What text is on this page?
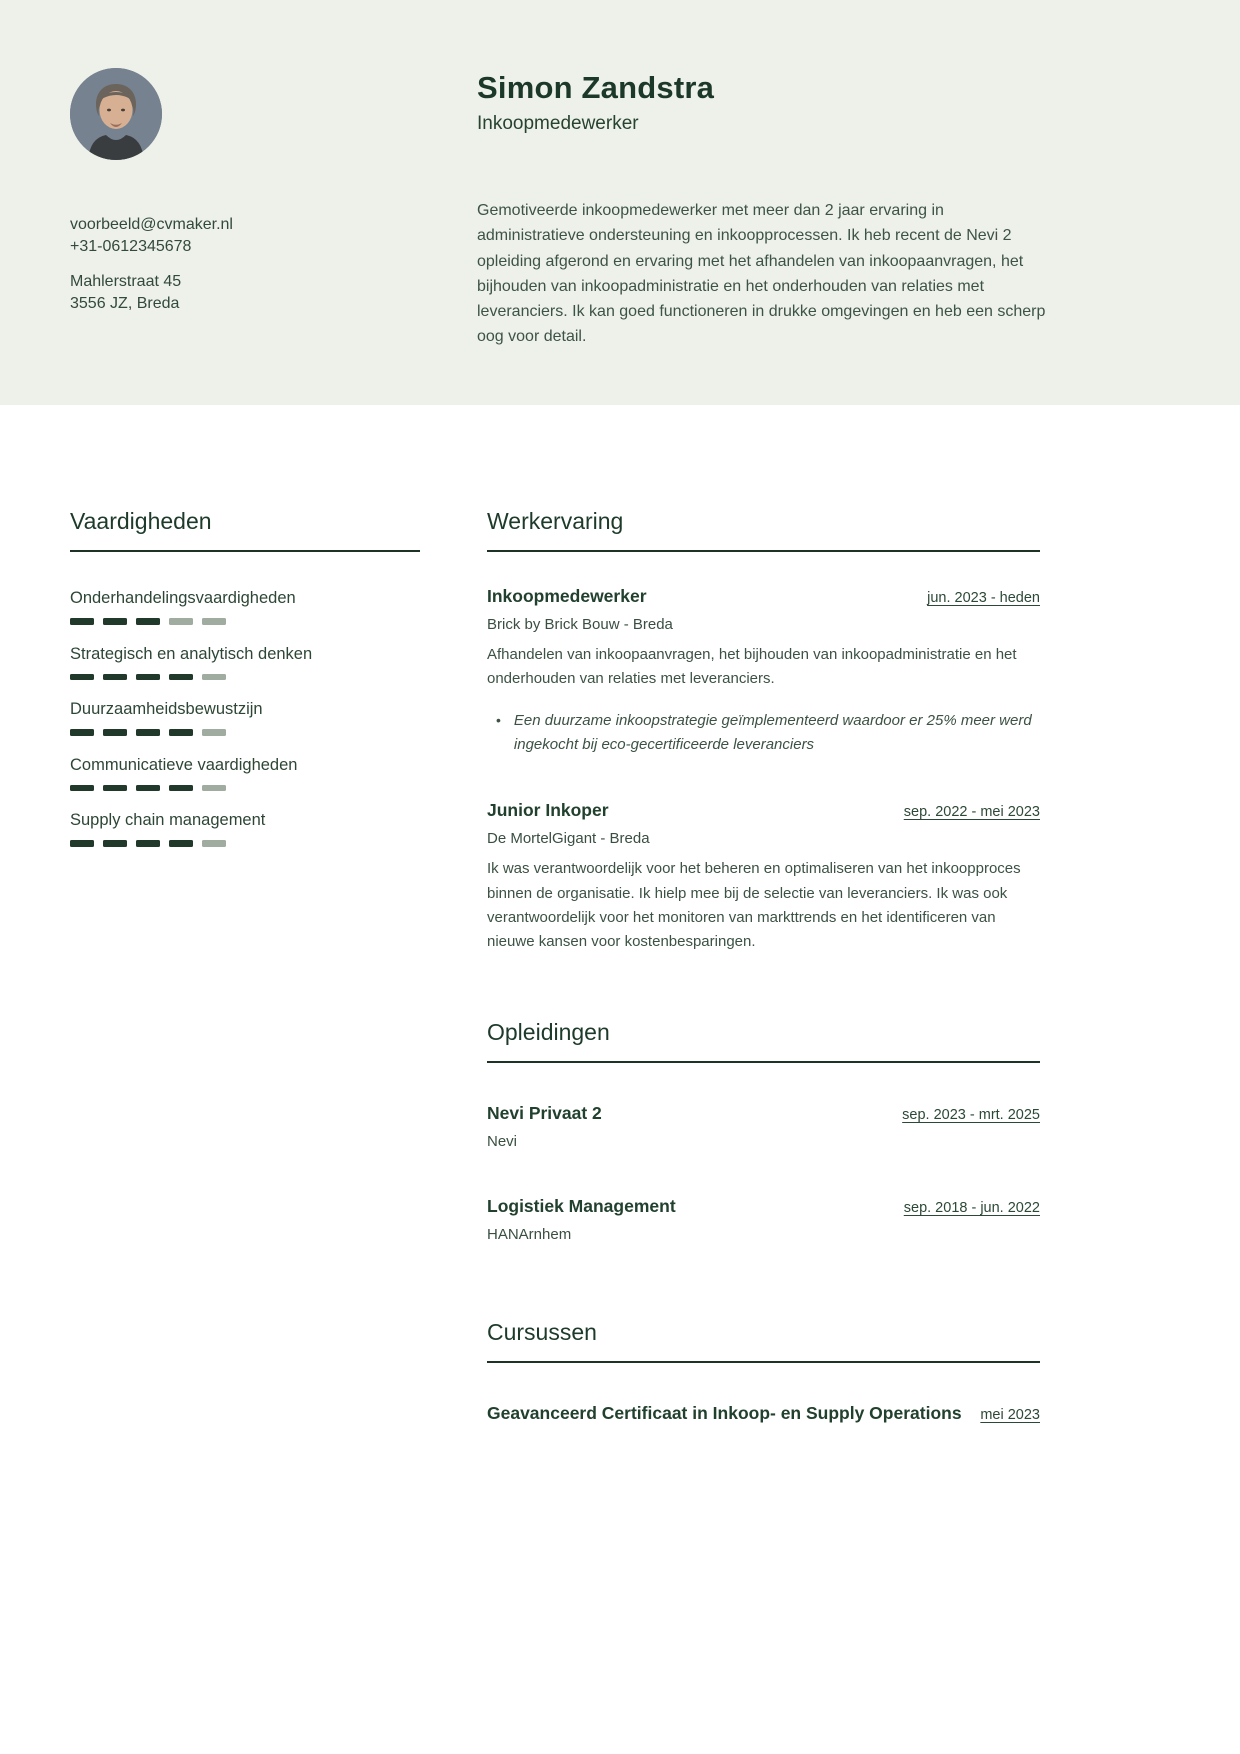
Simon Zandstra
Inkoopmedewerker
voorbeeld@cvmaker.nl
+31-0612345678
Mahlerstraat 45
3556 JZ, Breda
Gemotiveerde inkoopmedewerker met meer dan 2 jaar ervaring in administratieve ondersteuning en inkoopprocessen. Ik heb recent de Nevi 2 opleiding afgerond en ervaring met het afhandelen van inkoopaanvragen, het bijhouden van inkoopadministratie en het onderhouden van relaties met leveranciers. Ik kan goed functioneren in drukke omgevingen en heb een scherp oog voor detail.
Vaardigheden
Onderhandelingsvaardigheden
Strategisch en analytisch denken
Duurzaamheidsbewustzijn
Communicatieve vaardigheden
Supply chain management
Werkervaring
Inkoopmedewerker	jun. 2023 - heden
Brick by Brick Bouw - Breda
Afhandelen van inkoopaanvragen, het bijhouden van inkoopadministratie en het onderhouden van relaties met leveranciers.
• Een duurzame inkoopstrategie geïmplementeerd waardoor er 25% meer werd ingekocht bij eco-gecertificeerde leveranciers
Junior Inkoper	sep. 2022 - mei 2023
De MortelGigant - Breda
Ik was verantwoordelijk voor het beheren en optimaliseren van het inkoopproces binnen de organisatie. Ik hielp mee bij de selectie van leveranciers. Ik was ook verantwoordelijk voor het monitoren van markttrends en het identificeren van nieuwe kansen voor kostenbesparingen.
Opleidingen
Nevi Privaat 2	sep. 2023 - mrt. 2025
Nevi
Logistiek Management	sep. 2018 - jun. 2022
HANArnhem
Cursussen
Geavanceerd Certificaat in Inkoop- en Supply Operations mei 2023
